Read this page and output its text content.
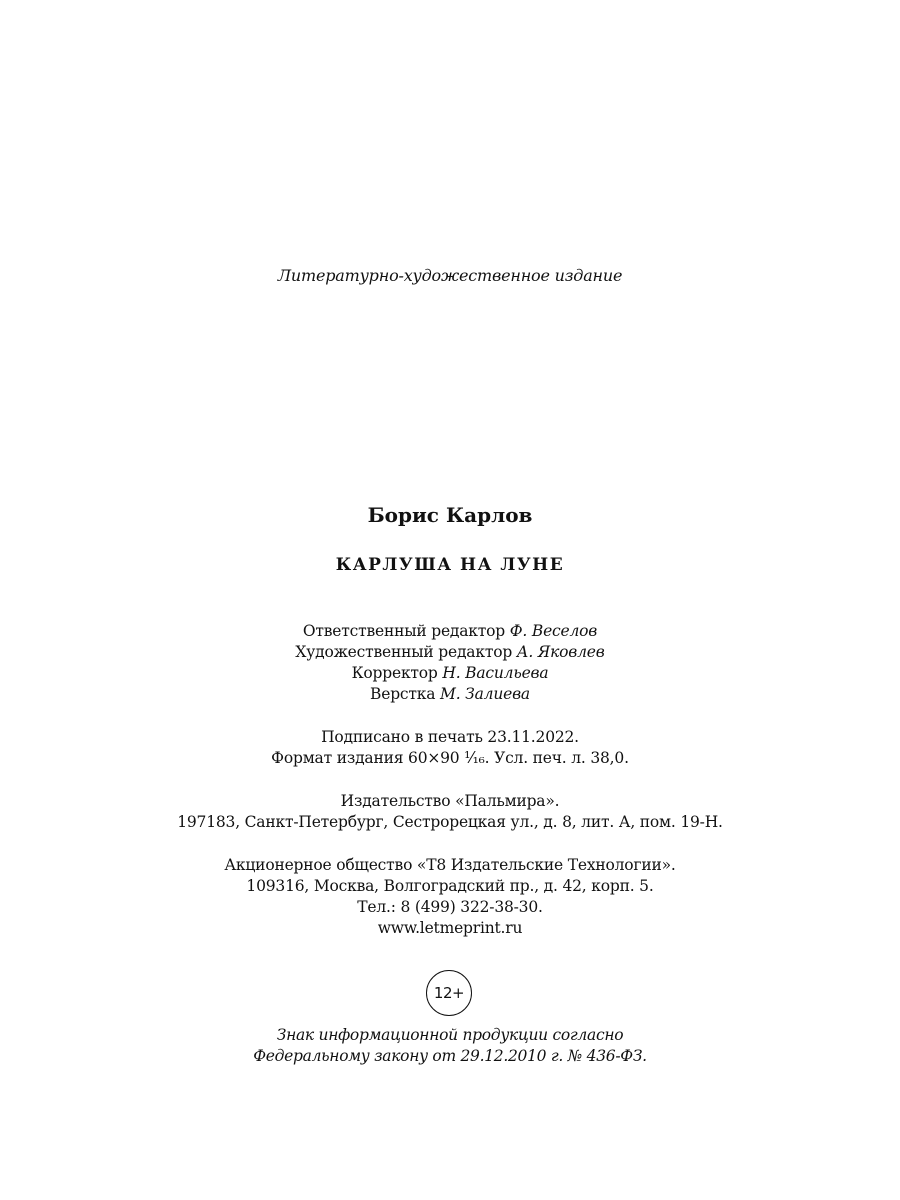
Литературно-художественное издание
Борис Карлов
КАРЛУША НА ЛУНЕ
Ответственный редактор Ф. Веселов
Художественный редактор А. Яковлев
Корректор Н. Васильева
Верстка М. Залиева
Подписано в печать 23.11.2022.
Формат издания 60×90 ¹⁄₁₆. Усл. печ. л. 38,0.
Издательство «Пальмира».
197183, Санкт-Петербург, Сестрорецкая ул., д. 8, лит. А, пом. 19-Н.
Акционерное общество «Т8 Издательские Технологии».
109316, Москва, Волгоградский пр., д. 42, корп. 5.
Тел.: 8 (499) 322-38-30.
www.letmeprint.ru
12+
Знак информационной продукции согласно
Федеральному закону от 29.12.2010 г. № 436-ФЗ.
